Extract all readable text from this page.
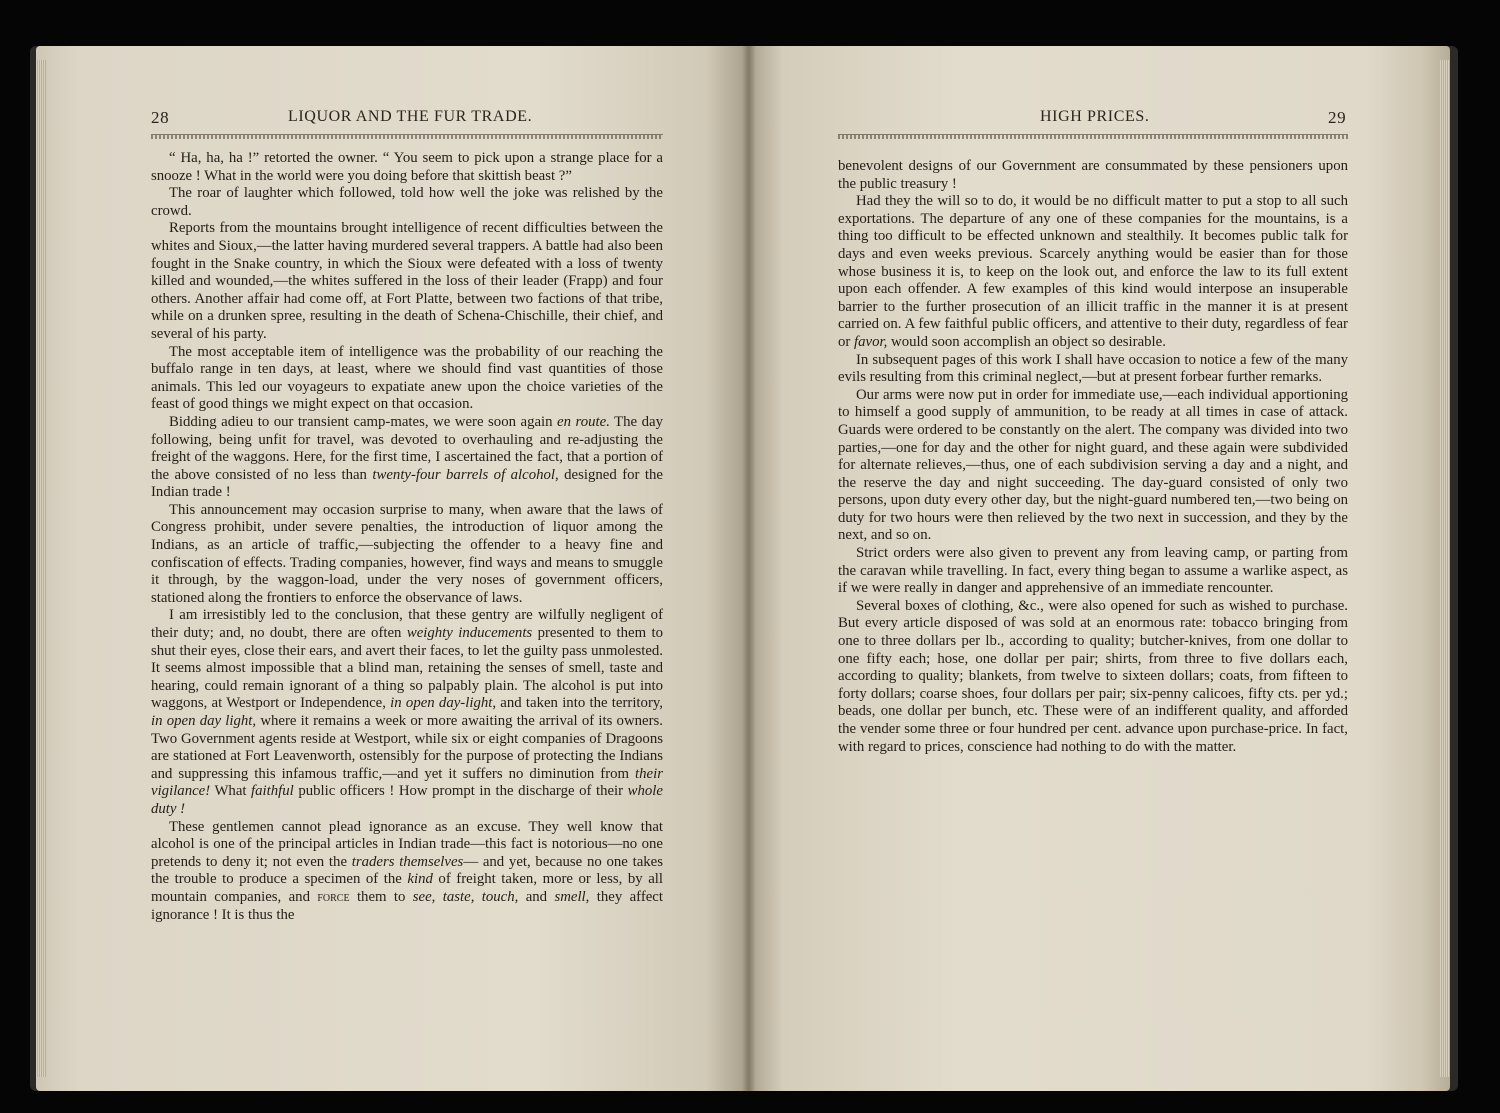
28	LIQUOR AND THE FUR TRADE.

“ Ha, ha, ha !” retorted the owner. “ You seem to pick upon a strange place for a snooze ! What in the world were you doing before that skittish beast ?”

The roar of laughter which followed, told how well the joke was relished by the crowd.

Reports from the mountains brought intelligence of recent difficulties between the whites and Sioux,—the latter having murdered several trappers. A battle had also been fought in the Snake country, in which the Sioux were defeated with a loss of twenty killed and wounded,—the whites suffered in the loss of their leader (Frapp) and four others. Another affair had come off, at Fort Platte, between two factions of that tribe, while on a drunken spree, resulting in the death of Schena-Chischille, their chief, and several of his party.

The most acceptable item of intelligence was the probability of our reaching the buffalo range in ten days, at least, where we should find vast quantities of those animals. This led our voyageurs to expatiate anew upon the choice varieties of the feast of good things we might expect on that occasion.

Bidding adieu to our transient camp-mates, we were soon again en route. The day following, being unfit for travel, was devoted to overhauling and re-adjusting the freight of the waggons. Here, for the first time, I ascertained the fact, that a portion of the above consisted of no less than twenty-four barrels of alcohol, designed for the Indian trade !

This announcement may occasion surprise to many, when aware that the laws of Congress prohibit, under severe penalties, the introduction of liquor among the Indians, as an article of traffic,—subjecting the offender to a heavy fine and confiscation of effects. Trading companies, however, find ways and means to smuggle it through, by the waggon-load, under the very noses of government officers, stationed along the frontiers to enforce the observance of laws.

I am irresistibly led to the conclusion, that these gentry are wilfully negligent of their duty; and, no doubt, there are often weighty inducements presented to them to shut their eyes, close their ears, and avert their faces, to let the guilty pass unmolested. It seems almost impossible that a blind man, retaining the senses of smell, taste and hearing, could remain ignorant of a thing so palpably plain. The alcohol is put into waggons, at Westport or Independence, in open day-light, and taken into the territory, in open day light, where it remains a week or more awaiting the arrival of its owners. Two Government agents reside at Westport, while six or eight companies of Dragoons are stationed at Fort Leavenworth, ostensibly for the purpose of protecting the Indians and suppressing this infamous traffic,—and yet it suffers no diminution from their vigilance! What faithful public officers ! How prompt in the discharge of their whole duty !

These gentlemen cannot plead ignorance as an excuse. They well know that alcohol is one of the principal articles in Indian trade—this fact is notorious—no one pretends to deny it; not even the traders themselves— and yet, because no one takes the trouble to produce a specimen of the kind of freight taken, more or less, by all mountain companies, and force them to see, taste, touch, and smell, they affect ignorance ! It is thus the

HIGH PRICES.	29

benevolent designs of our Government are consummated by these pensioners upon the public treasury !

Had they the will so to do, it would be no difficult matter to put a stop to all such exportations. The departure of any one of these companies for the mountains, is a thing too difficult to be effected unknown and stealthily. It becomes public talk for days and even weeks previous. Scarcely anything would be easier than for those whose business it is, to keep on the look out, and enforce the law to its full extent upon each offender. A few examples of this kind would interpose an insuperable barrier to the further prosecution of an illicit traffic in the manner it is at present carried on. A few faithful public officers, and attentive to their duty, regardless of fear or favor, would soon accomplish an object so desirable.

In subsequent pages of this work I shall have occasion to notice a few of the many evils resulting from this criminal neglect,—but at present forbear further remarks.

Our arms were now put in order for immediate use,—each individual apportioning to himself a good supply of ammunition, to be ready at all times in case of attack. Guards were ordered to be constantly on the alert. The company was divided into two parties,—one for day and the other for night guard, and these again were subdivided for alternate relieves,—thus, one of each subdivision serving a day and a night, and the reserve the day and night succeeding. The day-guard consisted of only two persons, upon duty every other day, but the night-guard numbered ten,—two being on duty for two hours were then relieved by the two next in succession, and they by the next, and so on.

Strict orders were also given to prevent any from leaving camp, or parting from the caravan while travelling. In fact, every thing began to assume a warlike aspect, as if we were really in danger and apprehensive of an immediate rencounter.

Several boxes of clothing, &c., were also opened for such as wished to purchase. But every article disposed of was sold at an enormous rate: tobacco bringing from one to three dollars per lb., according to quality; butcher-knives, from one dollar to one fifty each; hose, one dollar per pair; shirts, from three to five dollars each, according to quality; blankets, from twelve to sixteen dollars; coats, from fifteen to forty dollars; coarse shoes, four dollars per pair; six-penny calicoes, fifty cts. per yd.; beads, one dollar per bunch, etc. These were of an indifferent quality, and afforded the vender some three or four hundred per cent. advance upon purchase-price. In fact, with regard to prices, conscience had nothing to do with the matter.
